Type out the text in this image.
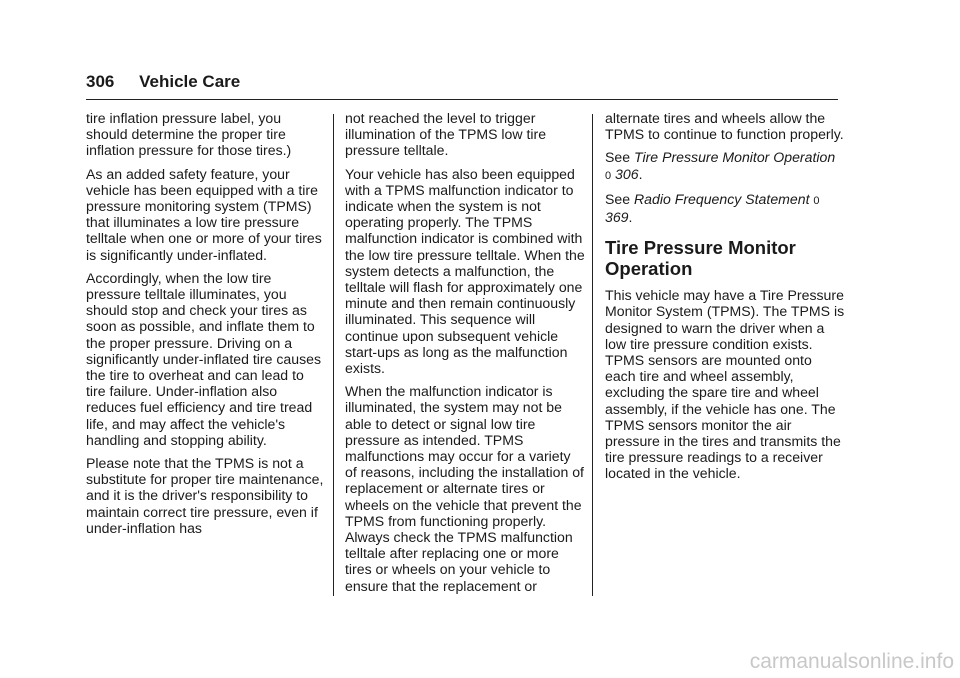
306 Vehicle Care

tire inflation pressure label, you should determine the proper tire inflation pressure for those tires.)

As an added safety feature, your vehicle has been equipped with a tire pressure monitoring system (TPMS) that illuminates a low tire pressure telltale when one or more of your tires is significantly under-inflated.

Accordingly, when the low tire pressure telltale illuminates, you should stop and check your tires as soon as possible, and inflate them to the proper pressure. Driving on a significantly under-inflated tire causes the tire to overheat and can lead to tire failure. Under-inflation also reduces fuel efficiency and tire tread life, and may affect the vehicle's handling and stopping ability.

Please note that the TPMS is not a substitute for proper tire maintenance, and it is the driver's responsibility to maintain correct tire pressure, even if under-inflation has

not reached the level to trigger illumination of the TPMS low tire pressure telltale.

Your vehicle has also been equipped with a TPMS malfunction indicator to indicate when the system is not operating properly. The TPMS malfunction indicator is combined with the low tire pressure telltale. When the system detects a malfunction, the telltale will flash for approximately one minute and then remain continuously illuminated. This sequence will continue upon subsequent vehicle start-ups as long as the malfunction exists.

When the malfunction indicator is illuminated, the system may not be able to detect or signal low tire pressure as intended. TPMS malfunctions may occur for a variety of reasons, including the installation of replacement or alternate tires or wheels on the vehicle that prevent the TPMS from functioning properly. Always check the TPMS malfunction telltale after replacing one or more tires or wheels on your vehicle to ensure that the replacement or

alternate tires and wheels allow the TPMS to continue to function properly.

See Tire Pressure Monitor Operation 0 306.

See Radio Frequency Statement 0 369.

Tire Pressure Monitor Operation

This vehicle may have a Tire Pressure Monitor System (TPMS). The TPMS is designed to warn the driver when a low tire pressure condition exists. TPMS sensors are mounted onto each tire and wheel assembly, excluding the spare tire and wheel assembly, if the vehicle has one. The TPMS sensors monitor the air pressure in the tires and transmits the tire pressure readings to a receiver located in the vehicle.

carmanualsonline.info
